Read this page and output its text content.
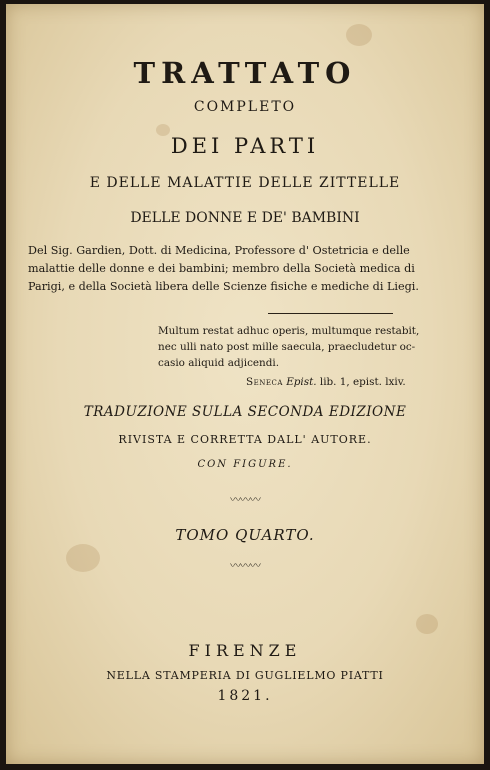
TRATTATO
COMPLETO
DEI PARTI
E DELLE MALATTIE DELLE ZITTELLE
DELLE DONNE E DE' BAMBINI
Del Sig. Gardien, Dott. di Medicina, Professore d' Ostetricia e delle
malattie delle donne e dei bambini; membro della Società medica di
Parigi, e della Società libera delle Scienze fisiche e mediche di Liegi.
Multum restat adhuc operis, multumque restabit,
nec ulli nato post mille saecula, praecludetur oc-
casio aliquid adjicendi.
Seneca Epist. lib. 1, epist. lxiv.
TRADUZIONE SULLA SECONDA EDIZIONE
RIVISTA E CORRETTA DALL' AUTORE.
CON FIGURE.
〰〰〰
TOMO QUARTO.
〰〰〰
FIRENZE
NELLA STAMPERIA DI GUGLIELMO PIATTI
1821.
